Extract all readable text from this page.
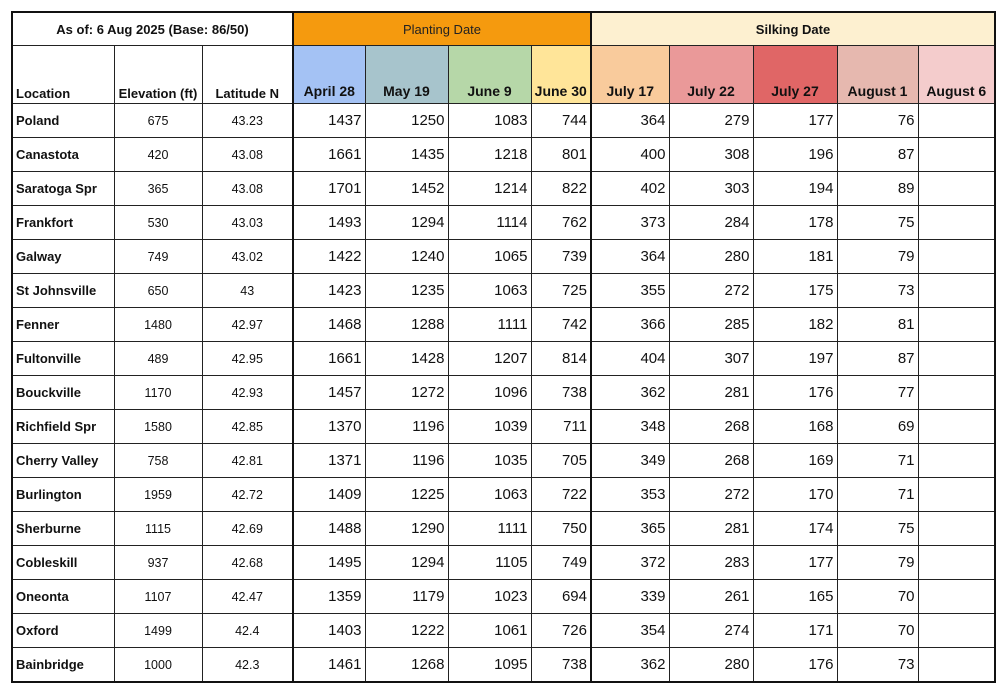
As of: 6 Aug 2025 (Base: 86/50)			Planting Date				Silking Date				
Location	Elevation (ft)	Latitude N	April 28	May 19	June 9	June 30	July 17	July 22	July 27	August 1	August 6
Poland	675	43.23	1437	1250	1083	744	364	279	177	76	
Canastota	420	43.08	1661	1435	1218	801	400	308	196	87	
Saratoga Spr	365	43.08	1701	1452	1214	822	402	303	194	89	
Frankfort	530	43.03	1493	1294	1114	762	373	284	178	75	
Galway	749	43.02	1422	1240	1065	739	364	280	181	79	
St Johnsville	650	43	1423	1235	1063	725	355	272	175	73	
Fenner	1480	42.97	1468	1288	1111	742	366	285	182	81	
Fultonville	489	42.95	1661	1428	1207	814	404	307	197	87	
Bouckville	1170	42.93	1457	1272	1096	738	362	281	176	77	
Richfield Spr	1580	42.85	1370	1196	1039	711	348	268	168	69	
Cherry Valley	758	42.81	1371	1196	1035	705	349	268	169	71	
Burlington	1959	42.72	1409	1225	1063	722	353	272	170	71	
Sherburne	1115	42.69	1488	1290	1111	750	365	281	174	75	
Cobleskill	937	42.68	1495	1294	1105	749	372	283	177	79	
Oneonta	1107	42.47	1359	1179	1023	694	339	261	165	70	
Oxford	1499	42.4	1403	1222	1061	726	354	274	171	70	
Bainbridge	1000	42.3	1461	1268	1095	738	362	280	176	73	
